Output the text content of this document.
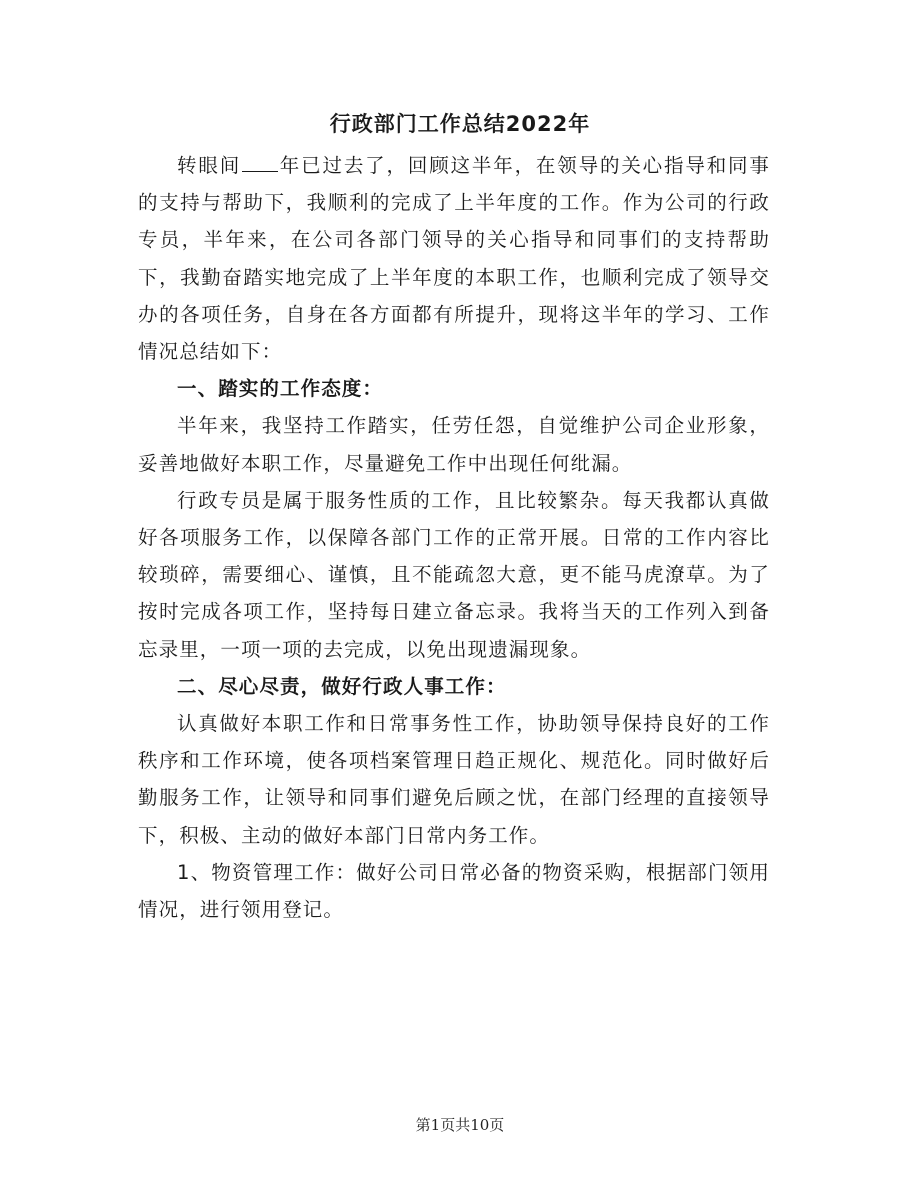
行政部门工作总结2022年

转眼间 年已过去了，回顾这半年，在领导的关心指导和同事的支持与帮助下，我顺利的完成了上半年度的工作。作为公司的行政专员，半年来，在公司各部门领导的关心指导和同事们的支持帮助下，我勤奋踏实地完成了上半年度的本职工作，也顺利完成了领导交办的各项任务，自身在各方面都有所提升，现将这半年的学习、工作情况总结如下：

一、踏实的工作态度：

半年来，我坚持工作踏实，任劳任怨，自觉维护公司企业形象，妥善地做好本职工作，尽量避免工作中出现任何纰漏。

行政专员是属于服务性质的工作，且比较繁杂。每天我都认真做好各项服务工作，以保障各部门工作的正常开展。日常的工作内容比较琐碎，需要细心、谨慎，且不能疏忽大意，更不能马虎潦草。为了按时完成各项工作，坚持每日建立备忘录。我将当天的工作列入到备忘录里，一项一项的去完成，以免出现遗漏现象。

二、尽心尽责，做好行政人事工作：

认真做好本职工作和日常事务性工作，协助领导保持良好的工作秩序和工作环境，使各项档案管理日趋正规化、规范化。同时做好后勤服务工作，让领导和同事们避免后顾之忧，在部门经理的直接领导下，积极、主动的做好本部门日常内务工作。

1、物资管理工作：做好公司日常必备的物资采购，根据部门领用情况，进行领用登记。

第1页共10页
